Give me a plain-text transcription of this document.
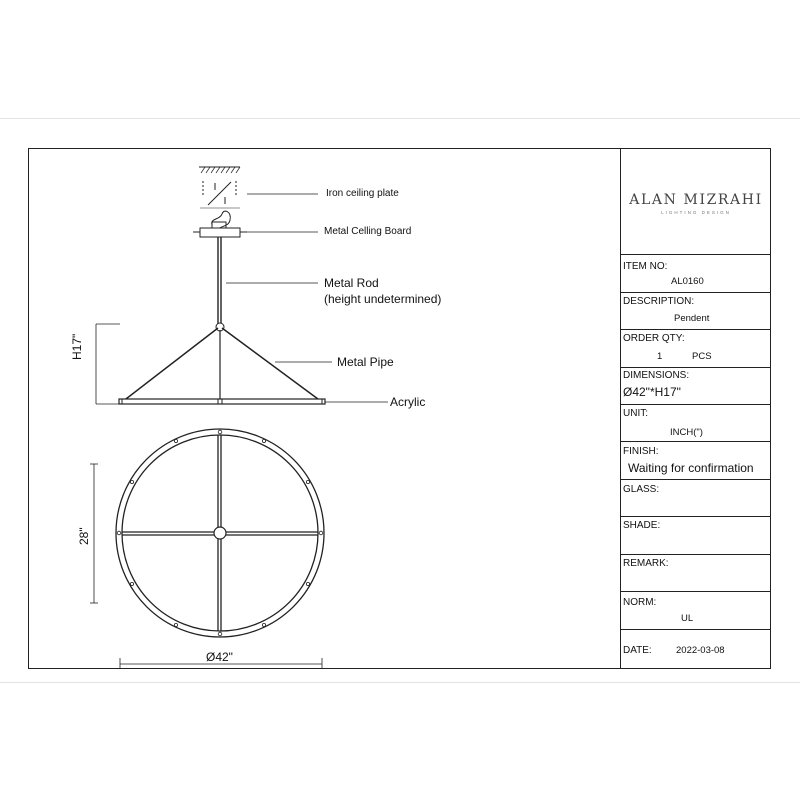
Iron ceiling plate
Metal Celling Board
Metal Rod
(height undetermined)
Metal Pipe
Acrylic
H17"
28"
Ø42"
ALAN MIZRAHI
LIGHTING DESIGN
ITEM NO:
AL0160
DESCRIPTION:
Pendent
ORDER QTY:
1	PCS
DIMENSIONS:
Ø42"*H17"
UNIT:
INCH(")
FINISH:
Waiting for confirmation
GLASS:
SHADE:
REMARK:
NORM:
UL
DATE:	2022-03-08
